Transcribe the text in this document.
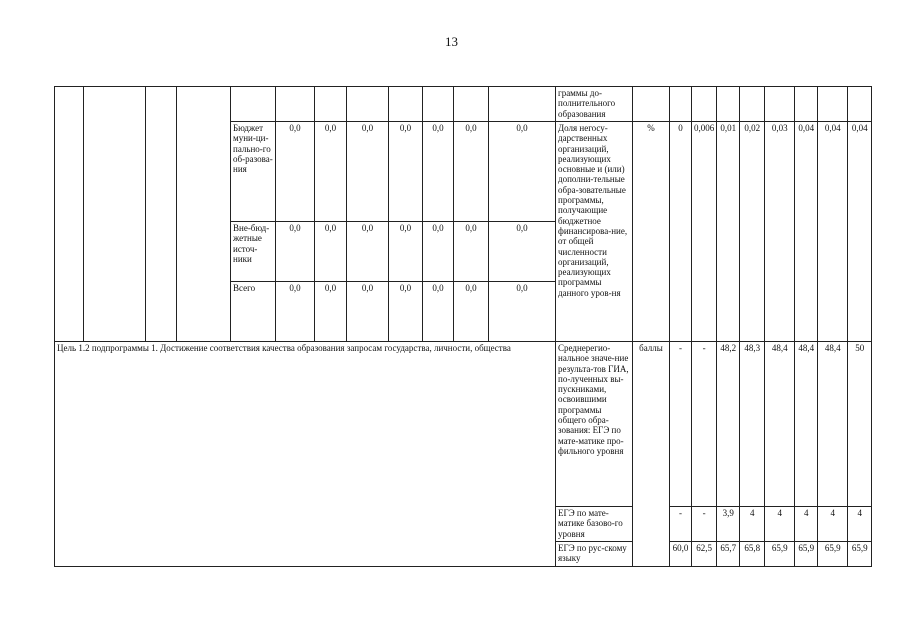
13
												граммы до-полнительного образования									
				Бюджет муни-ци-пально-го об-разова-ния	0,0	0,0	0,0	0,0	0,0	0,0	0,0	Доля негосу-дарственных организаций, реализующих основные и (или) дополни-тельные обра-зовательные программы, получающие бюджетное финансирова-ние, от общей численности организаций, реализующих программы данного уров-ня	%	0	0,006	0,01	0,02	0,03	0,04	0,04	0,04
				Вне-бюд-жетные источ-ники	0,0	0,0	0,0	0,0	0,0	0,0	0,0										
				Всего	0,0	0,0	0,0	0,0	0,0	0,0	0,0										
Цель 1.2 подпрограммы 1. Достижение соответствия качества образования запросам государства, личности, общества												Среднерегио-нальное значе-ние результа-тов ГИА, по-лученных вы-пускниками, освоившими программы общего обра-зования: ЕГЭ по мате-матике про-фильного уровня	баллы	-	-	48,2	48,3	48,4	48,4	48,4	50
												ЕГЭ по мате-матике базово-го уровня		-	-	3,9	4	4	4	4	4
												ЕГЭ по рус-скому языку		60,0	62,5	65,7	65,8	65,9	65,9	65,9	65,9
